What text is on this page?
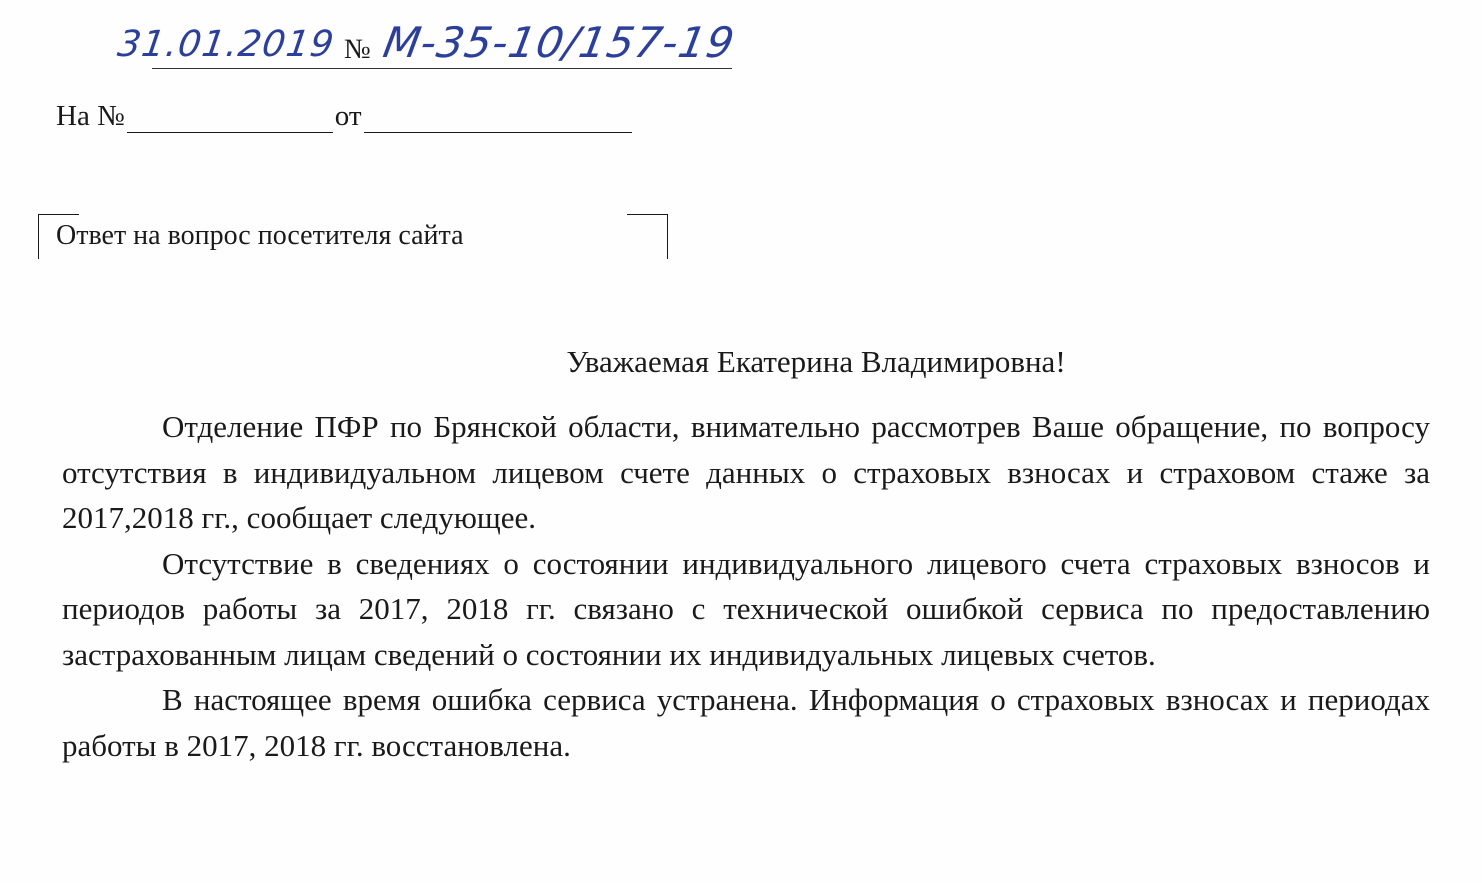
31.01.2019 № М-35-10/157-19
На №	от
Ответ на вопрос посетителя сайта
Уважаемая Екатерина Владимировна!

Отделение ПФР по Брянской области, внимательно рассмотрев Ваше обращение, по вопросу отсутствия в индивидуальном лицевом счете данных о страховых взносах и страховом стаже за 2017,2018 гг., сообщает следующее.

Отсутствие в сведениях о состоянии индивидуального лицевого счета страховых взносов и периодов работы за 2017, 2018 гг. связано с технической ошибкой сервиса по предоставлению застрахованным лицам сведений о состоянии их индивидуальных лицевых счетов.

В настоящее время ошибка сервиса устранена. Информация о страховых взносах и периодах работы в 2017, 2018 гг. восстановлена.
